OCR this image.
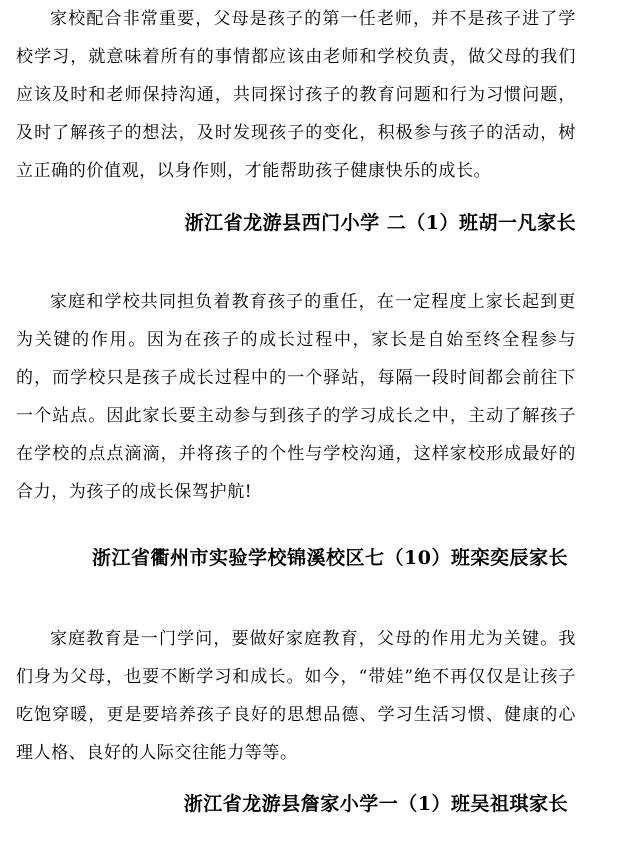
家校配合非常重要，父母是孩子的第一任老师，并不是孩子进了学校学习，就意味着所有的事情都应该由老师和学校负责，做父母的我们应该及时和老师保持沟通，共同探讨孩子的教育问题和行为习惯问题，及时了解孩子的想法，及时发现孩子的变化，积极参与孩子的活动，树立正确的价值观，以身作则，才能帮助孩子健康快乐的成长。

浙江省龙游县西门小学 二（1）班胡一凡家长

家庭和学校共同担负着教育孩子的重任，在一定程度上家长起到更为关键的作用。因为在孩子的成长过程中，家长是自始至终全程参与的，而学校只是孩子成长过程中的一个驿站，每隔一段时间都会前往下一个站点。因此家长要主动参与到孩子的学习成长之中，主动了解孩子在学校的点点滴滴，并将孩子的个性与学校沟通，这样家校形成最好的合力，为孩子的成长保驾护航!

浙江省衢州市实验学校锦溪校区七（10）班栾奕辰家长

家庭教育是一门学问，要做好家庭教育，父母的作用尤为关键。我们身为父母，也要不断学习和成长。如今，“带娃”绝不再仅仅是让孩子吃饱穿暖，更是要培养孩子良好的思想品德、学习生活习惯、健康的心理人格、良好的人际交往能力等等。

浙江省龙游县詹家小学一（1）班吴祖琪家长
